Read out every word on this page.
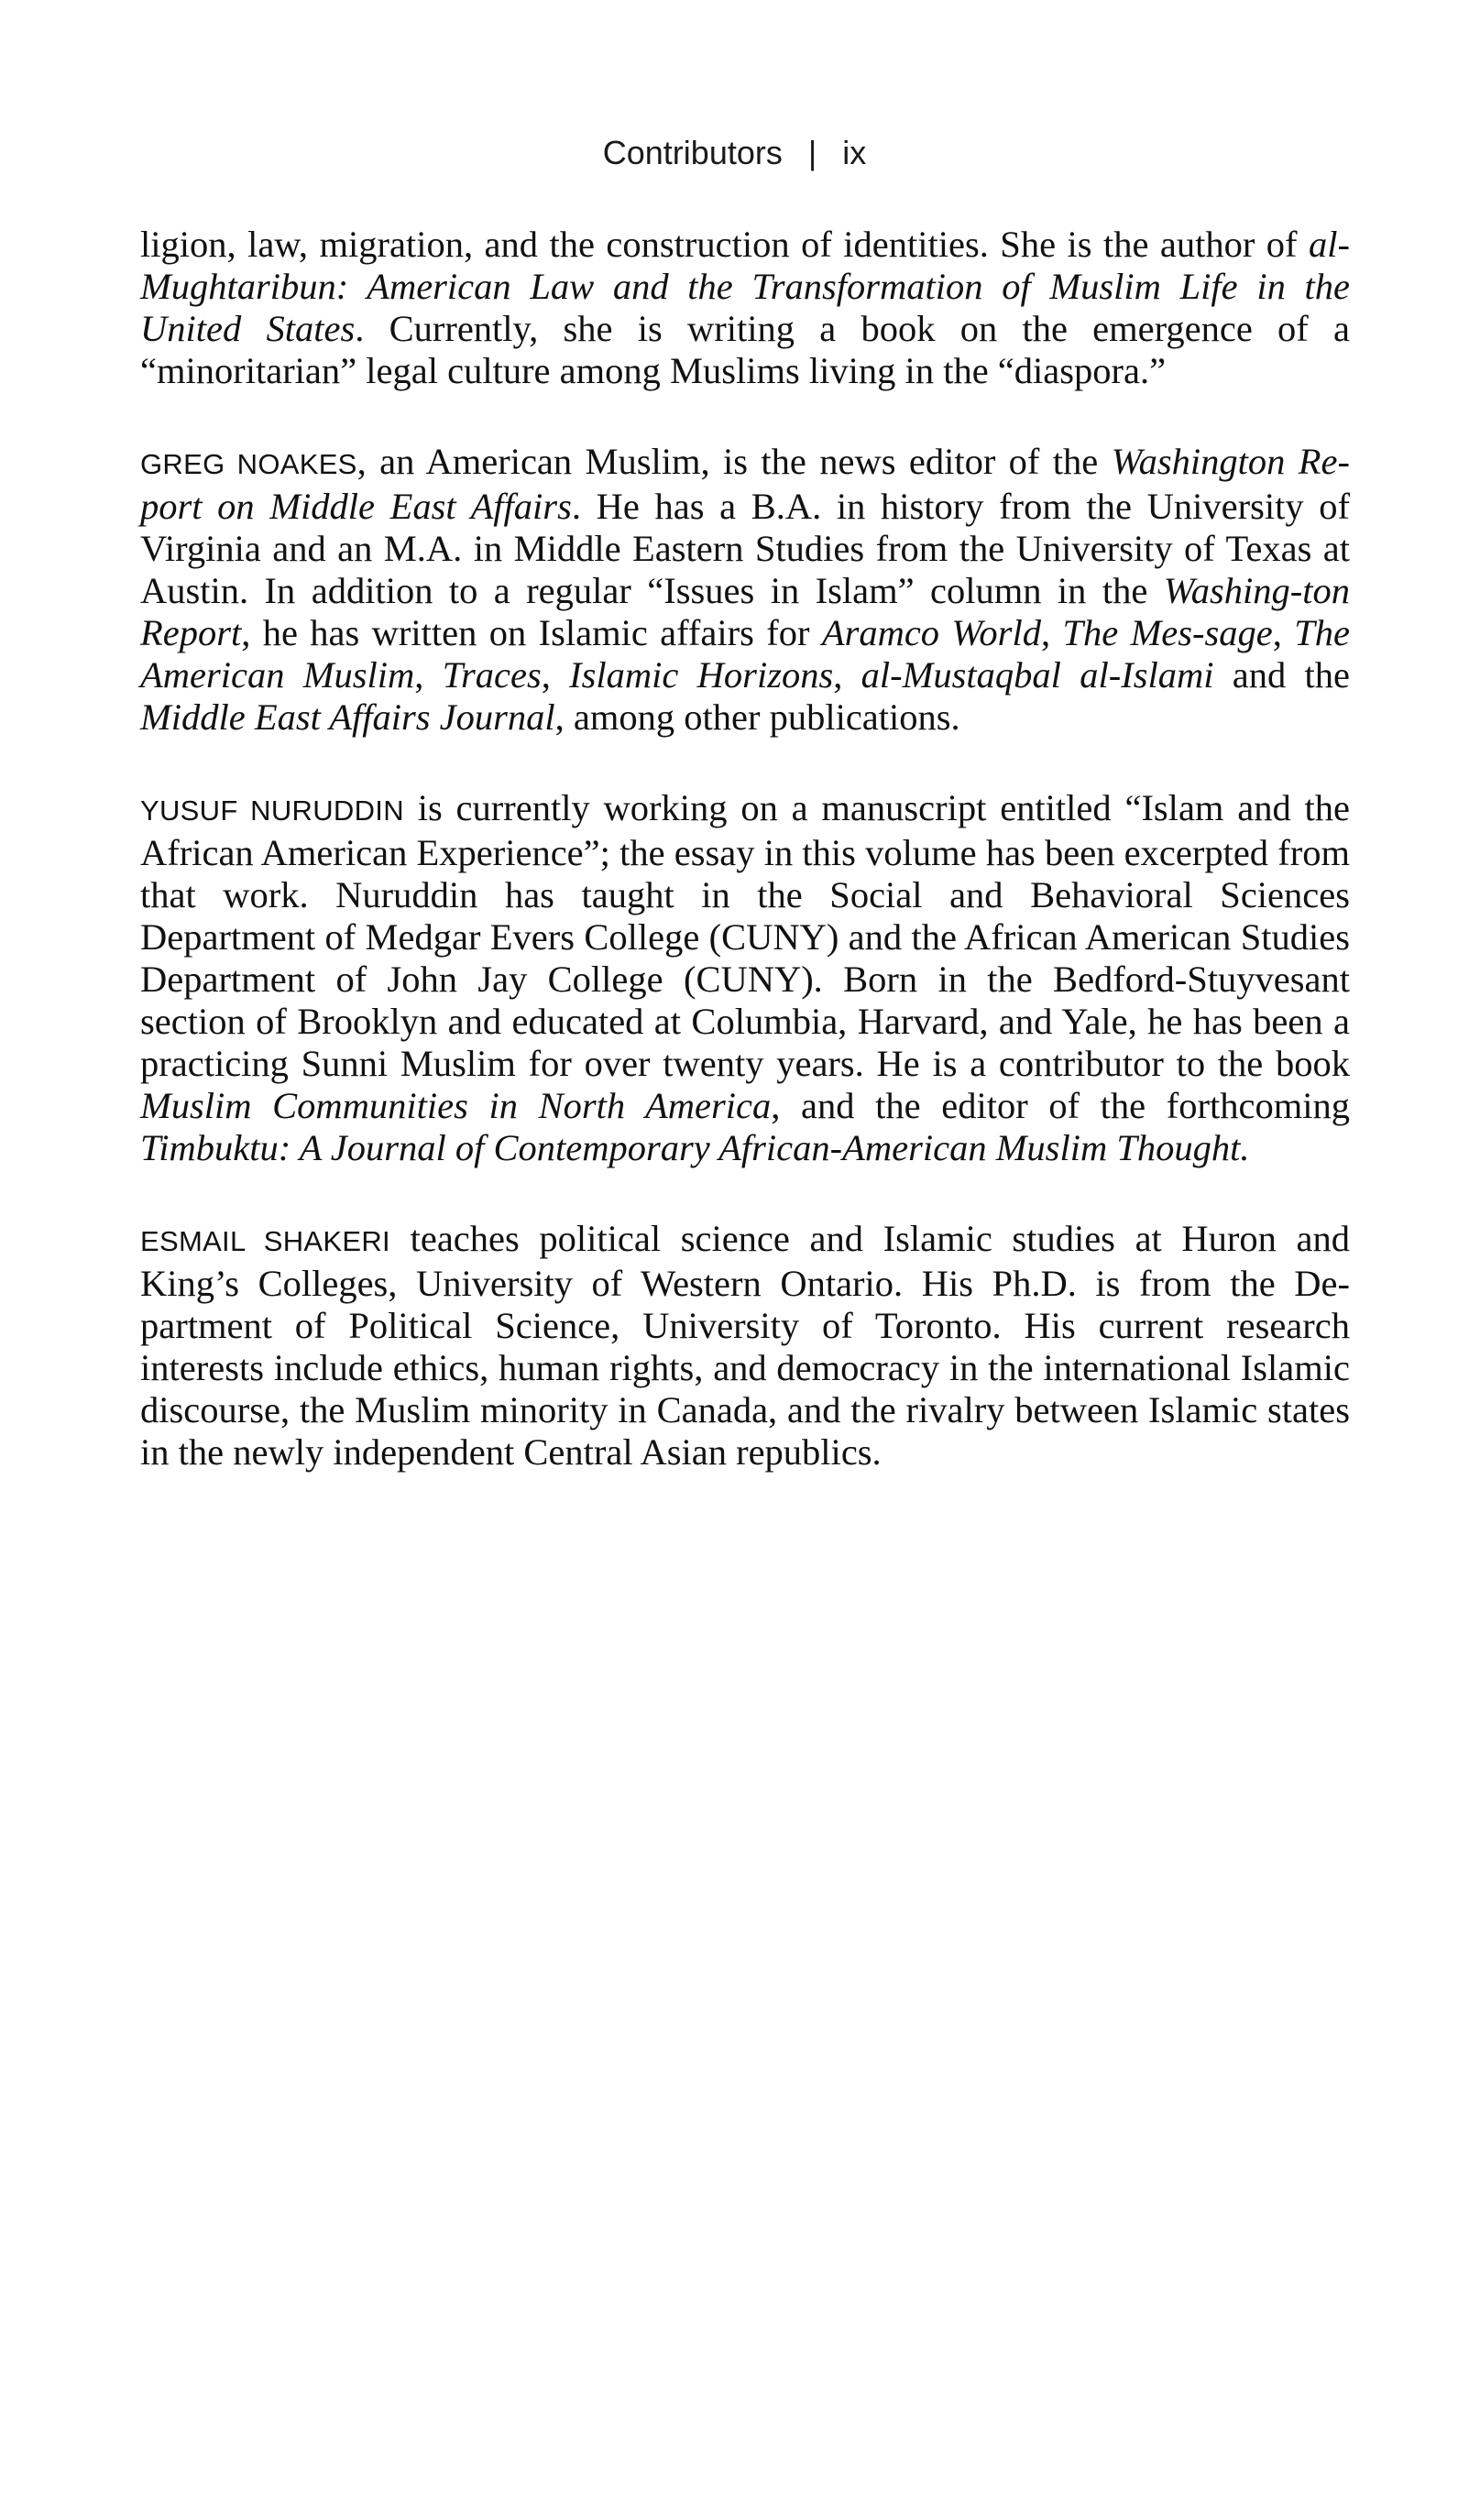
Contributors | ix

ligion, law, migration, and the construction of identities. She is the author of al-Mughtaribun: American Law and the Transformation of Muslim Life in the United States. Currently, she is writing a book on the emergence of a “minoritarian” legal culture among Muslims living in the “diaspora.”

GREG NOAKES, an American Muslim, is the news editor of the Washington Re-port on Middle East Affairs. He has a B.A. in history from the University of Virginia and an M.A. in Middle Eastern Studies from the University of Texas at Austin. In addition to a regular “Issues in Islam” column in the Washing-ton Report, he has written on Islamic affairs for Aramco World, The Mes-sage, The American Muslim, Traces, Islamic Horizons, al-Mustaqbal al-Islami and the Middle East Affairs Journal, among other publications.

YUSUF NURUDDIN is currently working on a manuscript entitled “Islam and the African American Experience”; the essay in this volume has been excerpted from that work. Nuruddin has taught in the Social and Behavioral Sciences Department of Medgar Evers College (CUNY) and the African American Studies Department of John Jay College (CUNY). Born in the Bedford-Stuyvesant section of Brooklyn and educated at Columbia, Harvard, and Yale, he has been a practicing Sunni Muslim for over twenty years. He is a contributor to the book Muslim Communities in North America, and the editor of the forthcoming Timbuktu: A Journal of Contemporary African-American Muslim Thought.

ESMAIL SHAKERI teaches political science and Islamic studies at Huron and King’s Colleges, University of Western Ontario. His Ph.D. is from the De-partment of Political Science, University of Toronto. His current research interests include ethics, human rights, and democracy in the international Islamic discourse, the Muslim minority in Canada, and the rivalry between Islamic states in the newly independent Central Asian republics.
